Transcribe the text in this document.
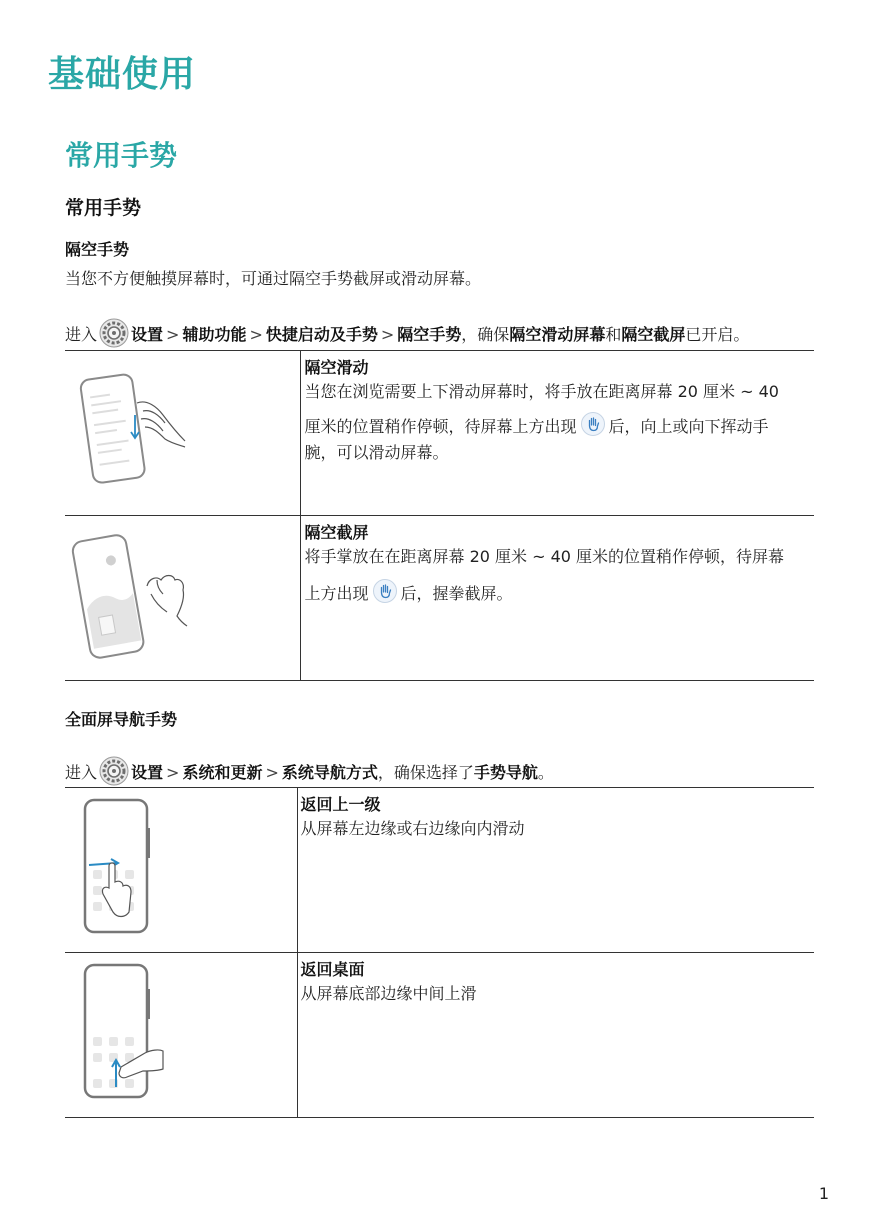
基础使用
常用手势
常用手势
隔空手势
当您不方便触摸屏幕时，可通过隔空手势截屏或滑动屏幕。
进入 设置 > 辅助功能 > 快捷启动及手势 > 隔空手势，确保隔空滑动屏幕和隔空截屏已开启。

隔空滑动
当您在浏览需要上下滑动屏幕时，将手放在距离屏幕 20 厘米 ~ 40
厘米的位置稍作停顿，待屏幕上方出现 后，向上或向下挥动手
腕，可以滑动屏幕。

隔空截屏
将手掌放在在距离屏幕 20 厘米 ~ 40 厘米的位置稍作停顿，待屏幕
上方出现 后，握拳截屏。
全面屏导航手势
进入 设置 > 系统和更新 > 系统导航方式，确保选择了手势导航。

返回上一级
从屏幕左边缘或右边缘向内滑动

返回桌面
从屏幕底部边缘中间上滑
1
